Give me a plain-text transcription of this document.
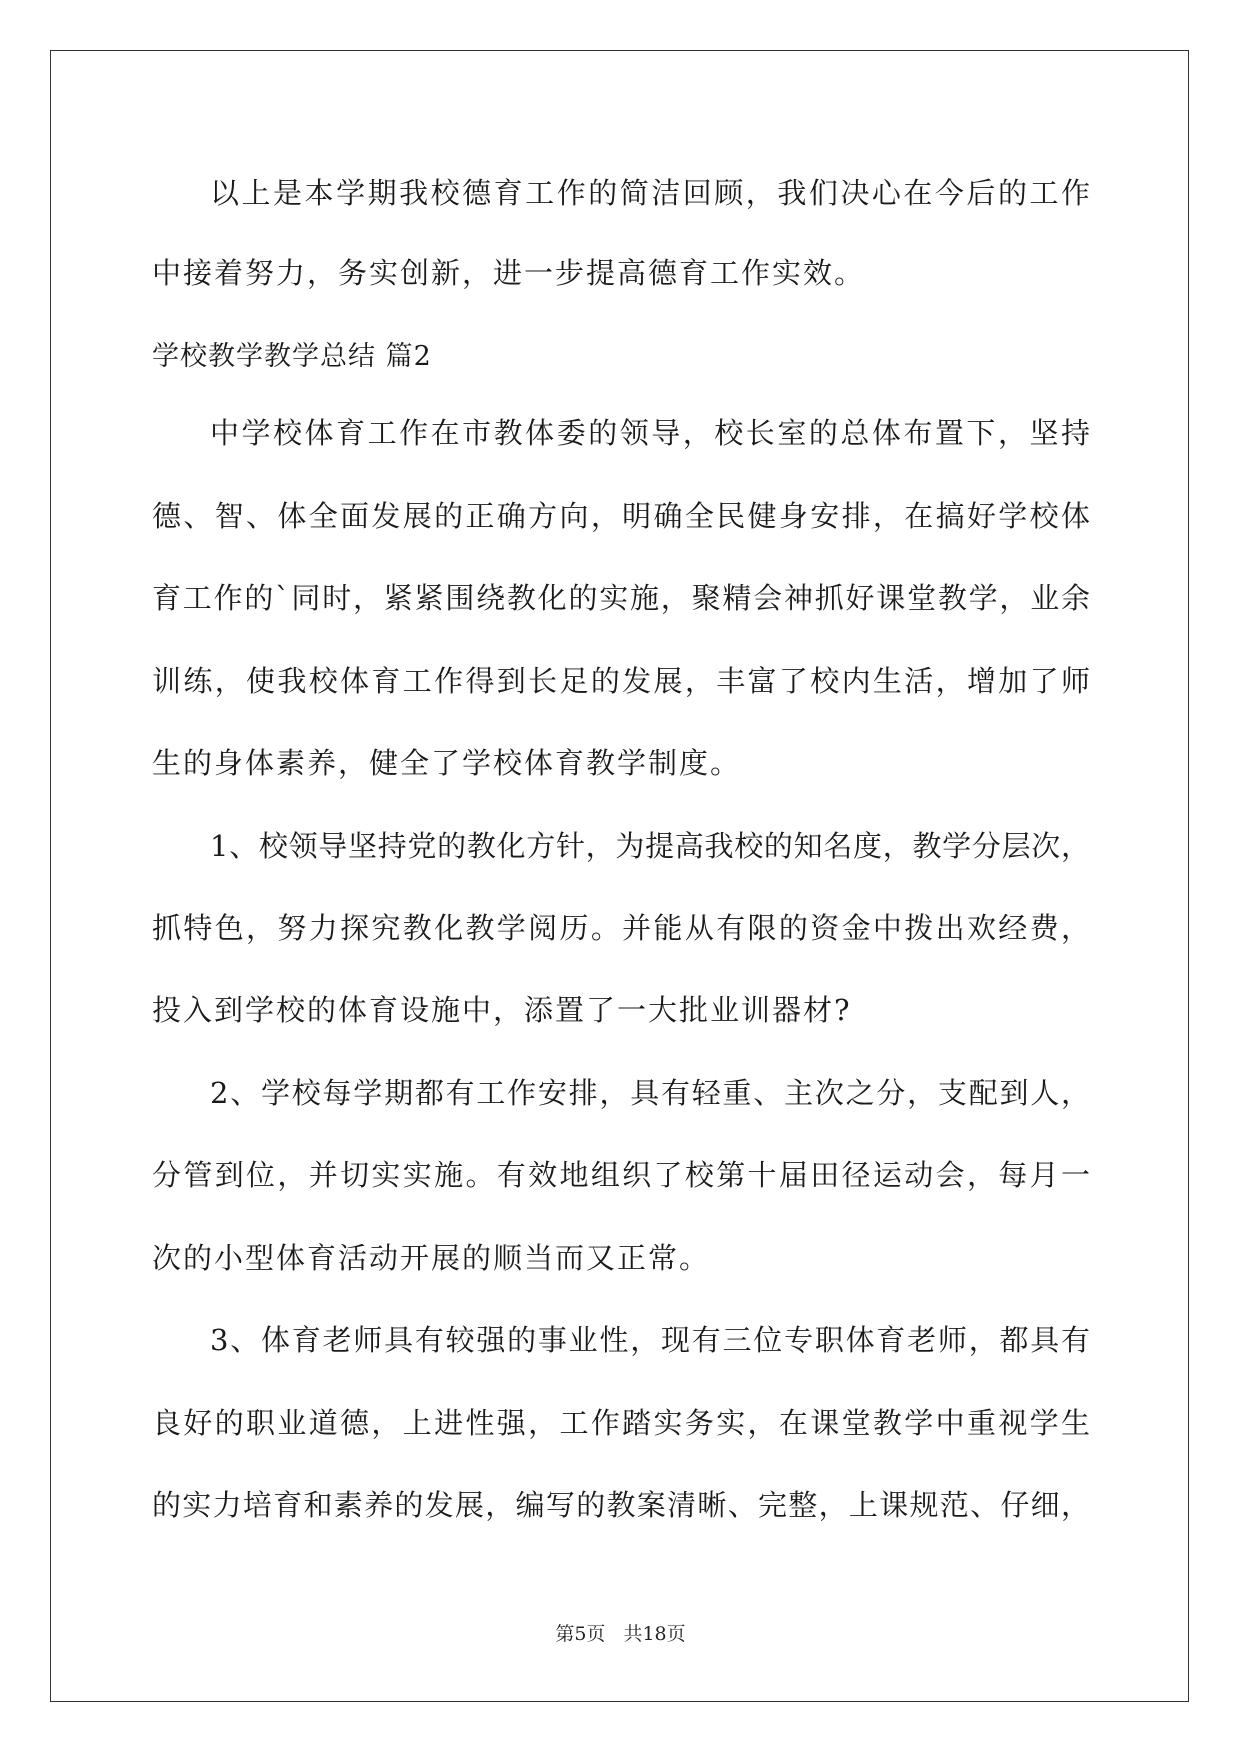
以上是本学期我校德育工作的简洁回顾，我们决心在今后的工作
中接着努力，务实创新，进一步提高德育工作实效。
学校教学教学总结 篇2
中学校体育工作在市教体委的领导，校长室的总体布置下，坚持
德、智、体全面发展的正确方向，明确全民健身安排，在搞好学校体
育工作的`同时，紧紧围绕教化的实施，聚精会神抓好课堂教学，业余
训练，使我校体育工作得到长足的发展，丰富了校内生活，增加了师
生的身体素养，健全了学校体育教学制度。
1、校领导坚持党的教化方针，为提高我校的知名度，教学分层次，
抓特色，努力探究教化教学阅历。并能从有限的资金中拨出欢经费，
投入到学校的体育设施中，添置了一大批业训器材?
2、学校每学期都有工作安排，具有轻重、主次之分，支配到人，
分管到位，并切实实施。有效地组织了校第十届田径运动会，每月一
次的小型体育活动开展的顺当而又正常。
3、体育老师具有较强的事业性，现有三位专职体育老师，都具有
良好的职业道德，上进性强，工作踏实务实，在课堂教学中重视学生
的实力培育和素养的发展，编写的教案清晰、完整，上课规范、仔细，
第5页 共18页
